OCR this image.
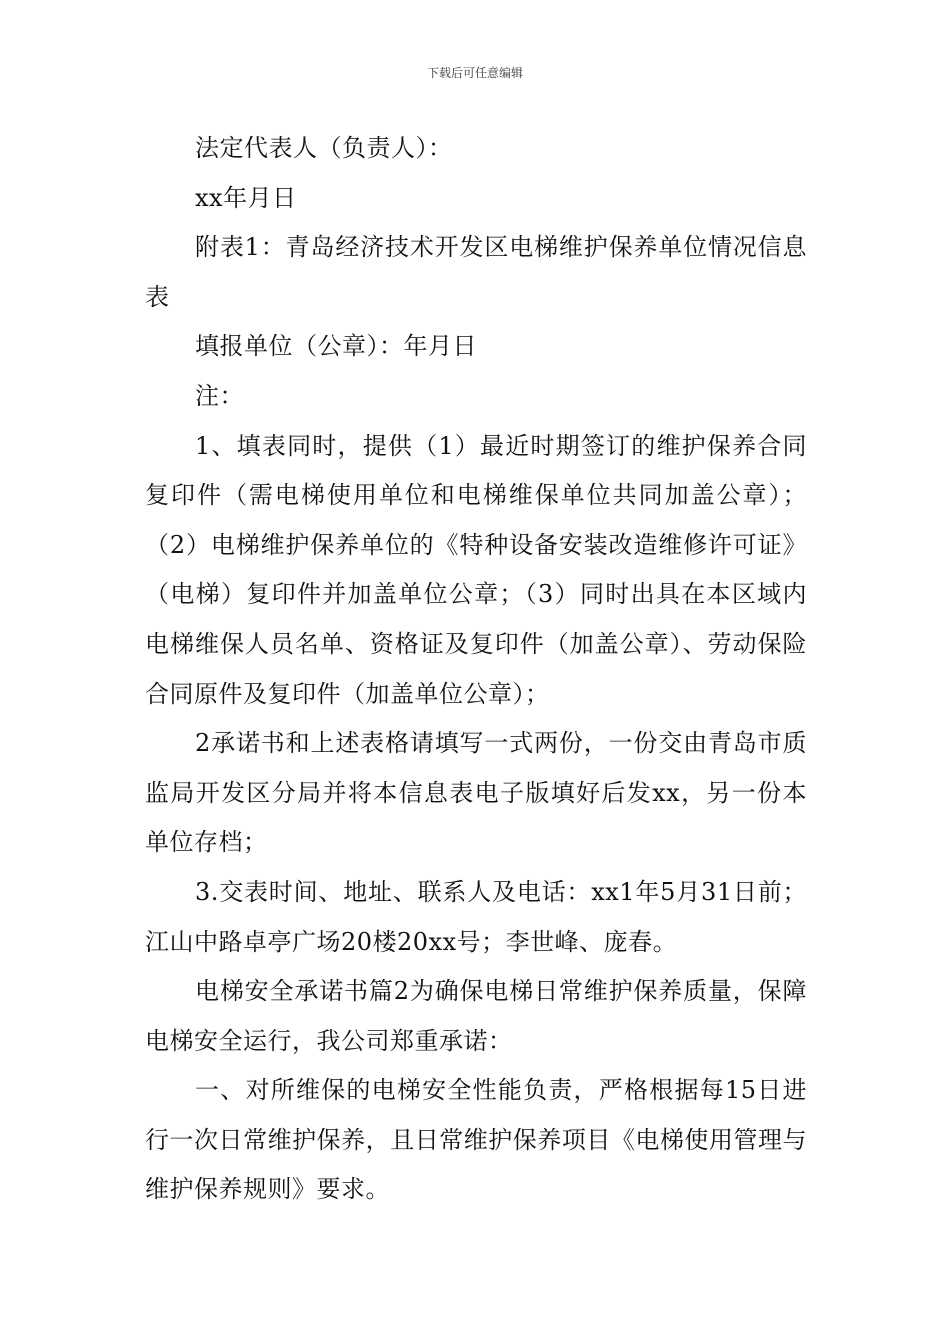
下载后可任意编辑

法定代表人（负责人）：

xx年月日

附表1：青岛经济技术开发区电梯维护保养单位情况信息表

填报单位（公章）：年月日

注：

1、填表同时，提供（1）最近时期签订的维护保养合同复印件（需电梯使用单位和电梯维保单位共同加盖公章）；（2）电梯维护保养单位的《特种设备安装改造维修许可证》（电梯）复印件并加盖单位公章；（3）同时出具在本区域内电梯维保人员名单、资格证及复印件（加盖公章）、劳动保险合同原件及复印件（加盖单位公章）；

2承诺书和上述表格请填写一式两份，一份交由青岛市质监局开发区分局并将本信息表电子版填好后发xx，另一份本单位存档；

3.交表时间、地址、联系人及电话：xx1年5月31日前；江山中路卓亭广场20楼20xx号；李世峰、庞春。

电梯安全承诺书篇2为确保电梯日常维护保养质量，保障电梯安全运行，我公司郑重承诺：

一、对所维保的电梯安全性能负责，严格根据每15日进行一次日常维护保养，且日常维护保养项目《电梯使用管理与维护保养规则》要求。
